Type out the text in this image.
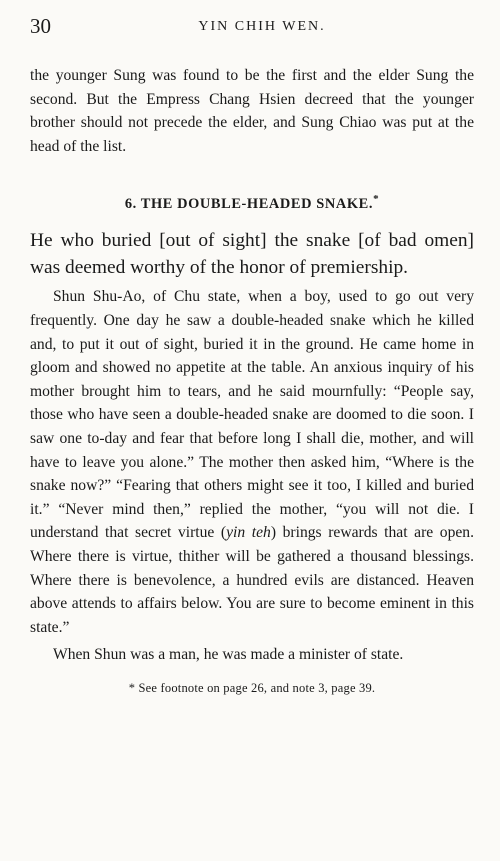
30	YIN CHIH WEN.

the younger Sung was found to be the first and the elder Sung the second. But the Empress Chang Hsien decreed that the younger brother should not precede the elder, and Sung Chiao was put at the head of the list.

6. THE DOUBLE-HEADED SNAKE.*

He who buried [out of sight] the snake [of bad omen] was deemed worthy of the honor of premiership.

Shun Shu-Ao, of Chu state, when a boy, used to go out very frequently. One day he saw a double-headed snake which he killed and, to put it out of sight, buried it in the ground. He came home in gloom and showed no appetite at the table. An anxious inquiry of his mother brought him to tears, and he said mournfully: “People say, those who have seen a double-headed snake are doomed to die soon. I saw one to-day and fear that before long I shall die, mother, and will have to leave you alone.” The mother then asked him, “Where is the snake now?” “Fearing that others might see it too, I killed and buried it.” “Never mind then,” replied the mother, “you will not die. I understand that secret virtue (yin teh) brings rewards that are open. Where there is virtue, thither will be gathered a thousand blessings. Where there is benevolence, a hundred evils are distanced. Heaven above attends to affairs below. You are sure to become eminent in this state.”

When Shun was a man, he was made a minister of state.

* See footnote on page 26, and note 3, page 39.
